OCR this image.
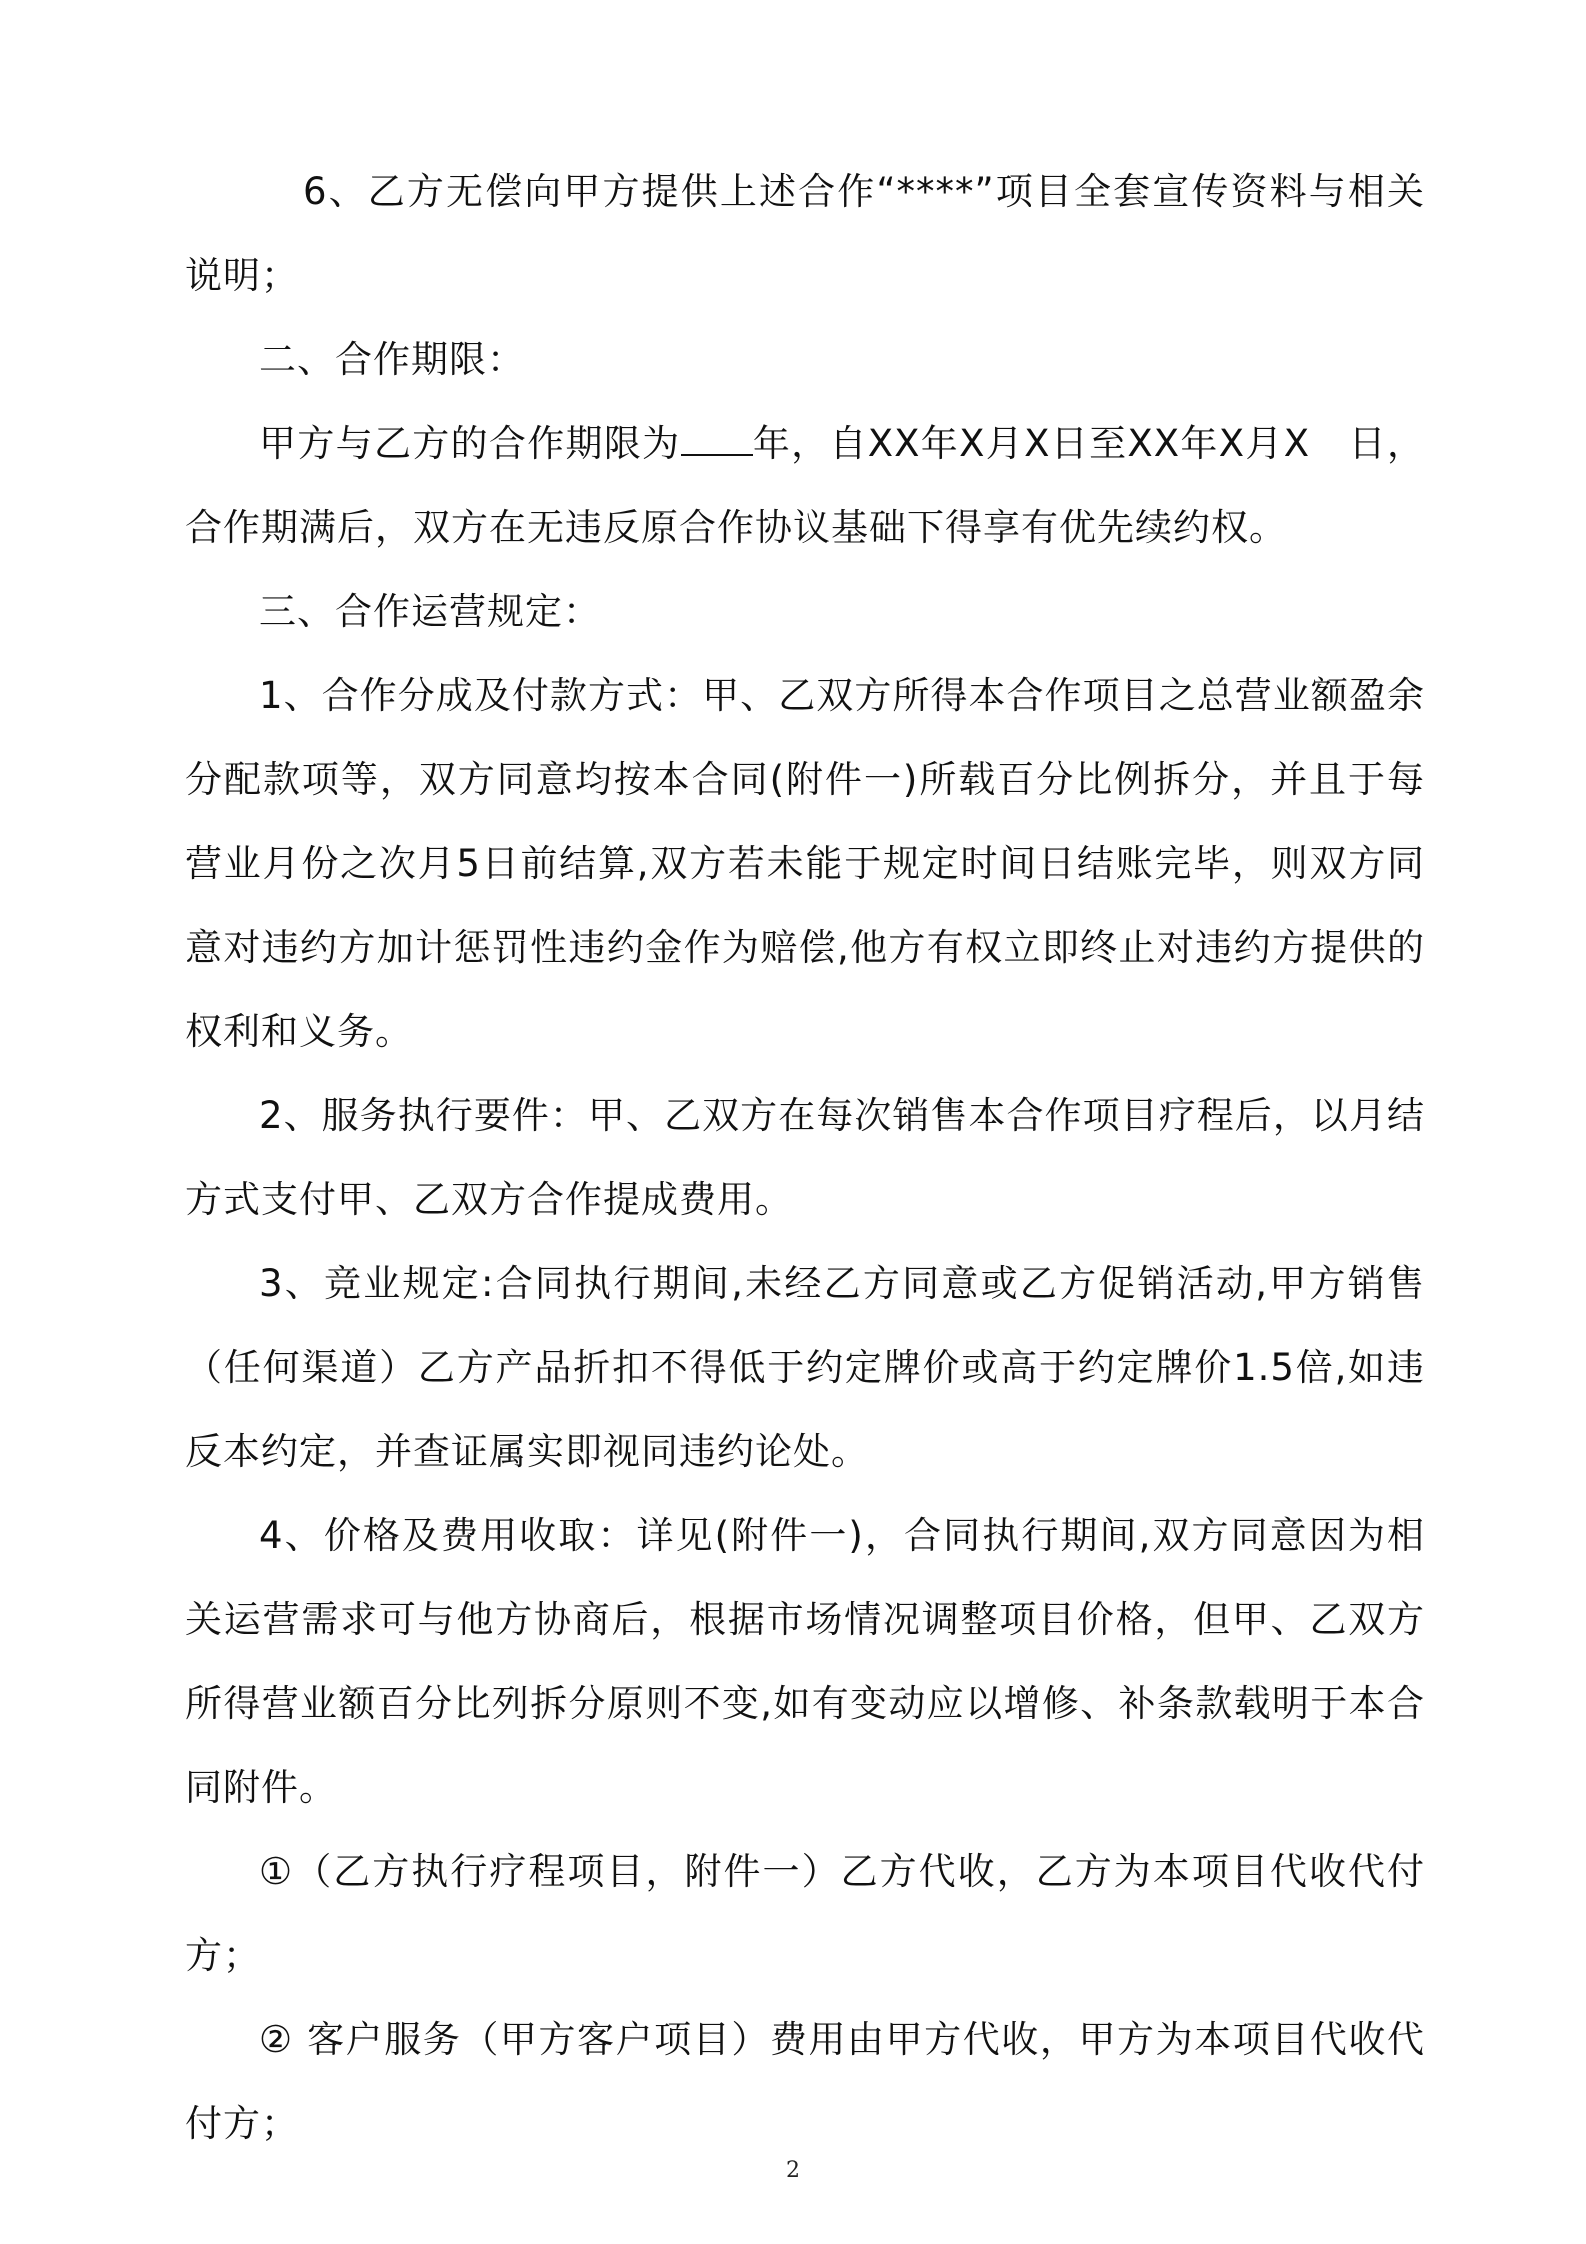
6、乙方无偿向甲方提供上述合作“****”项目全套宣传资料与相关说明；

二、合作期限：

甲方与乙方的合作期限为 年，自XX年X月X日至XX年X月X　日，合作期满后，双方在无违反原合作协议基础下得享有优先续约权。

三、合作运营规定：

1、合作分成及付款方式：甲、乙双方所得本合作项目之总营业额盈余分配款项等，双方同意均按本合同(附件一)所载百分比例拆分，并且于每营业月份之次月5日前结算,双方若未能于规定时间日结账完毕，则双方同意对违约方加计惩罚性违约金作为赔偿,他方有权立即终止对违约方提供的权利和义务。

2、服务执行要件：甲、乙双方在每次销售本合作项目疗程后，以月结方式支付甲、乙双方合作提成费用。

3、竞业规定:合同执行期间,未经乙方同意或乙方促销活动,甲方销售（任何渠道）乙方产品折扣不得低于约定牌价或高于约定牌价1.5倍,如违反本约定，并查证属实即视同违约论处。

4、价格及费用收取：详见(附件一)，合同执行期间,双方同意因为相关运营需求可与他方协商后，根据市场情况调整项目价格，但甲、乙双方所得营业额百分比列拆分原则不变,如有变动应以增修、补条款载明于本合同附件。

①（乙方执行疗程项目，附件一）乙方代收，乙方为本项目代收代付方；

② 客户服务（甲方客户项目）费用由甲方代收，甲方为本项目代收代付方；

2
